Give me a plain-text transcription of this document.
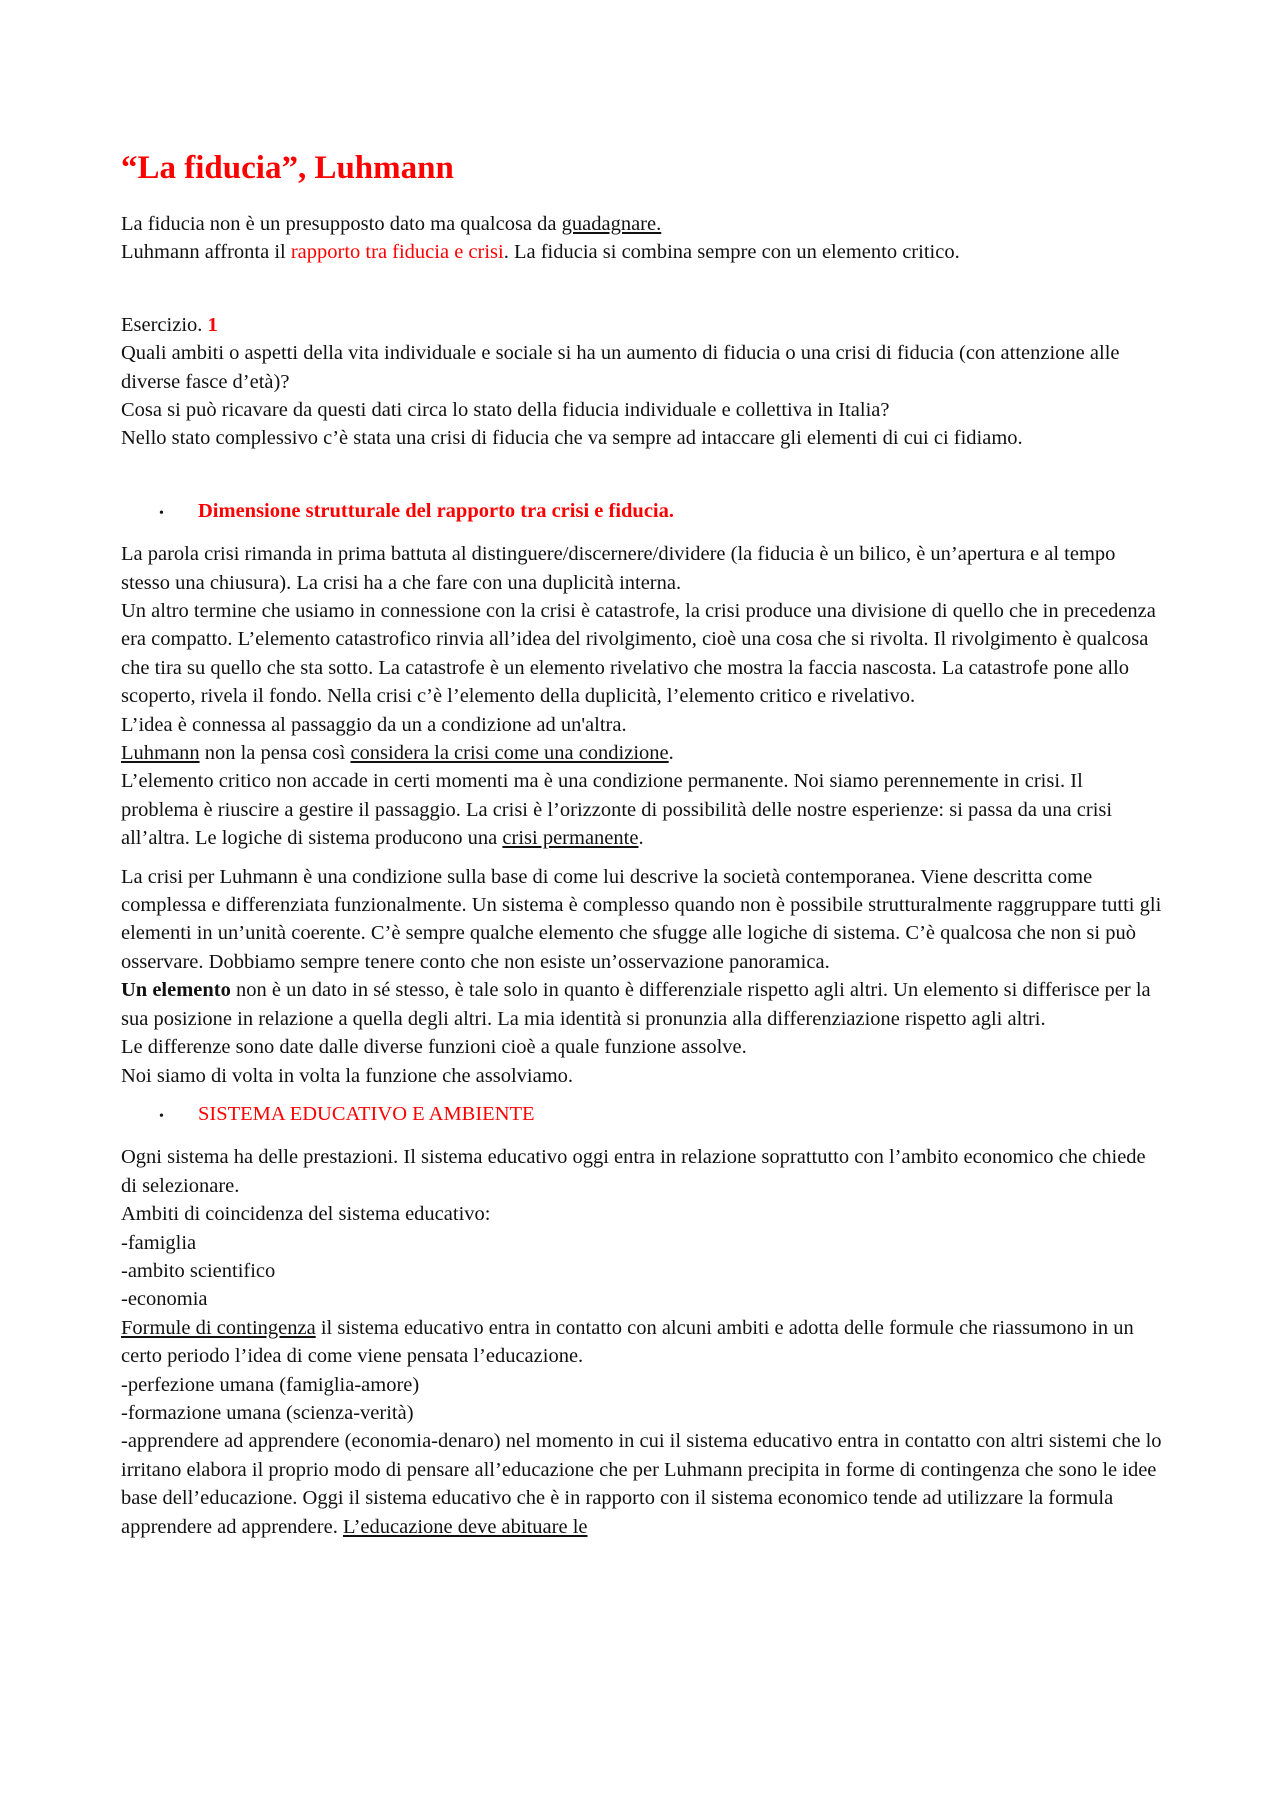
“La fiducia”, Luhmann

La fiducia non è un presupposto dato ma qualcosa da guadagnare.

Luhmann affronta il rapporto tra fiducia e crisi. La fiducia si combina sempre con un elemento critico.

Esercizio. 1

Quali ambiti o aspetti della vita individuale e sociale si ha un aumento di fiducia o una crisi di fiducia (con attenzione alle diverse fasce d’età)?

Cosa si può ricavare da questi dati circa lo stato della fiducia individuale e collettiva in Italia?

Nello stato complessivo c’è stata una crisi di fiducia che va sempre ad intaccare gli elementi di cui ci fidiamo.

•	Dimensione strutturale del rapporto tra crisi e fiducia.

La parola crisi rimanda in prima battuta al distinguere/discernere/dividere (la fiducia è un bilico, è un’apertura e al tempo stesso una chiusura). La crisi ha a che fare con una duplicità interna.

Un altro termine che usiamo in connessione con la crisi è catastrofe, la crisi produce una divisione di quello che in precedenza era compatto. L’elemento catastrofico rinvia all’idea del rivolgimento, cioè una cosa che si rivolta. Il rivolgimento è qualcosa che tira su quello che sta sotto. La catastrofe è un elemento rivelativo che mostra la faccia nascosta. La catastrofe pone allo scoperto, rivela il fondo. Nella crisi c’è l’elemento della duplicità, l’elemento critico e rivelativo.

L’idea è connessa al passaggio da un a condizione ad un'altra.

Luhmann non la pensa così considera la crisi come una condizione.

L’elemento critico non accade in certi momenti ma è una condizione permanente. Noi siamo perennemente in crisi. Il problema è riuscire a gestire il passaggio. La crisi è l’orizzonte di possibilità delle nostre esperienze: si passa da una crisi all’altra. Le logiche di sistema producono una crisi permanente.

La crisi per Luhmann è una condizione sulla base di come lui descrive la società contemporanea. Viene descritta come complessa e differenziata funzionalmente. Un sistema è complesso quando non è possibile strutturalmente raggruppare tutti gli elementi in un’unità coerente. C’è sempre qualche elemento che sfugge alle logiche di sistema. C’è qualcosa che non si può osservare. Dobbiamo sempre tenere conto che non esiste un’osservazione panoramica.

Un elemento non è un dato in sé stesso, è tale solo in quanto è differenziale rispetto agli altri. Un elemento si differisce per la sua posizione in relazione a quella degli altri. La mia identità si pronunzia alla differenziazione rispetto agli altri.

Le differenze sono date dalle diverse funzioni cioè a quale funzione assolve.

Noi siamo di volta in volta la funzione che assolviamo.

•	SISTEMA EDUCATIVO E AMBIENTE

Ogni sistema ha delle prestazioni. Il sistema educativo oggi entra in relazione soprattutto con l’ambito economico che chiede di selezionare.

Ambiti di coincidenza del sistema educativo:

-famiglia

-ambito scientifico

-economia

Formule di contingenza il sistema educativo entra in contatto con alcuni ambiti e adotta delle formule che riassumono in un certo periodo l’idea di come viene pensata l’educazione.

-perfezione umana (famiglia-amore)

-formazione umana (scienza-verità)

-apprendere ad apprendere (economia-denaro) nel momento in cui il sistema educativo entra in contatto con altri sistemi che lo irritano elabora il proprio modo di pensare all’educazione che per Luhmann precipita in forme di contingenza che sono le idee base dell’educazione. Oggi il sistema educativo che è in rapporto con il sistema economico tende ad utilizzare la formula apprendere ad apprendere. L’educazione deve abituare le
